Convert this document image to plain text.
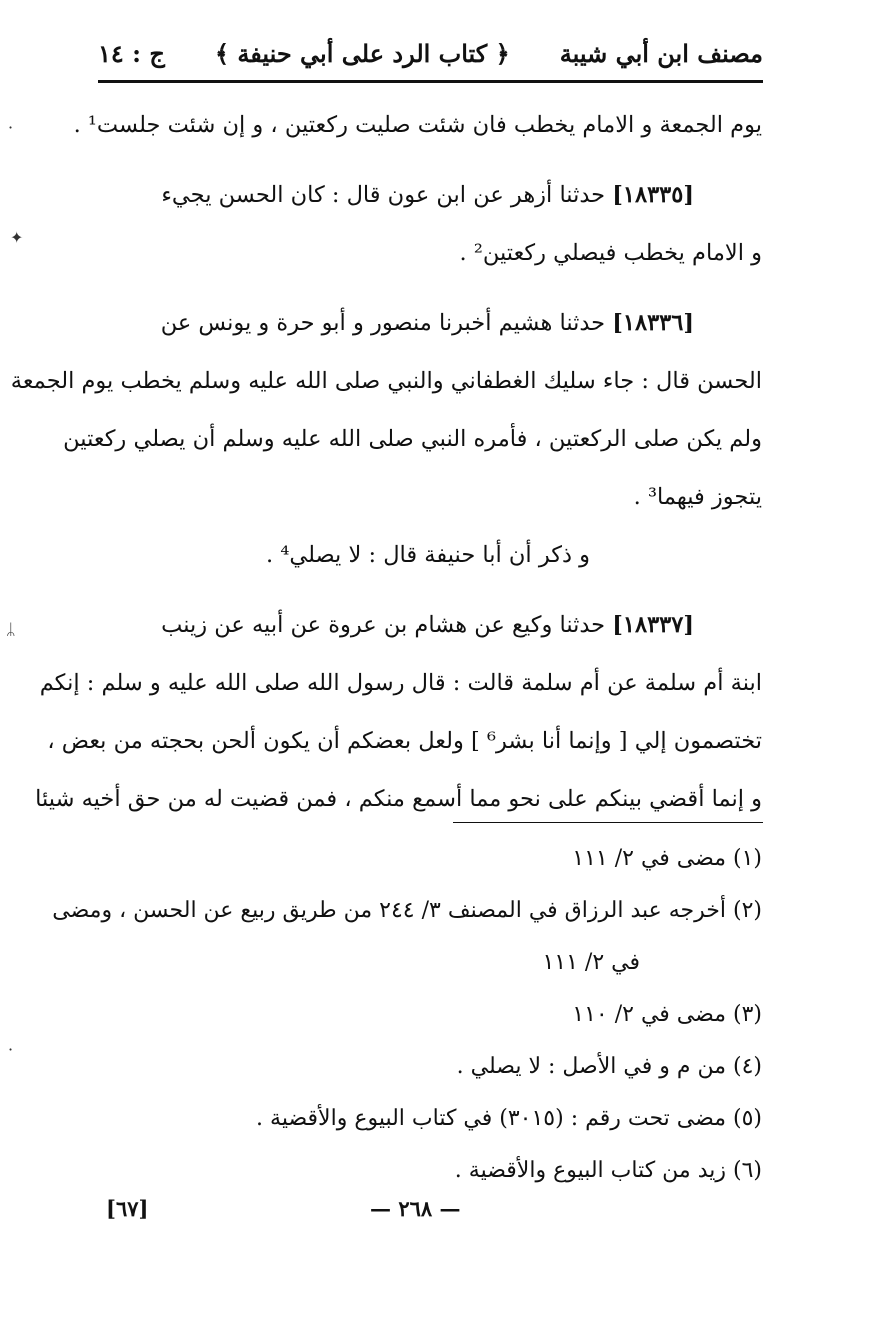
مصنف ابن أبي شيبة
﴿ كتاب الرد على أبي حنيفة ﴾
ج : ١٤
يوم الجمعة و الامام يخطب فان شئت صليت ركعتين ، و إن شئت جلست¹ .
[١٨٣٣٥] حدثنا أزهر عن ابن عون قال : كان الحسن يجيء
و الامام يخطب فيصلي ركعتين² .
[١٨٣٣٦] حدثنا هشيم أخبرنا منصور و أبو حرة و يونس عن
الحسن قال : جاء سليك الغطفاني والنبي صلى الله عليه وسلم يخطب يوم الجمعة
ولم يكن صلى الركعتين ، فأمره النبي صلى الله عليه وسلم أن يصلي ركعتين
يتجوز فيهما³ .
و ذكر أن أبا حنيفة قال : لا يصلي⁴ .
[١٨٣٣٧] حدثنا وكيع عن هشام بن عروة عن أبيه عن زينب
ابنة أم سلمة عن أم سلمة قالت : قال رسول الله صلى الله عليه و سلم : إنكم
تختصمون إلي [ وإنما أنا بشر⁶ ] ولعل بعضكم أن يكون ألحن بحجته من بعض ،
و إنما أقضي بينكم على نحو مما أسمع منكم ، فمن قضيت له من حق أخيه شيئا
(١) مضى في ٢/ ١١١
(٢) أخرجه عبد الرزاق في المصنف ٣/ ٢٤٤ من طريق ربيع عن الحسن ، ومضى
في ٢/ ١١١
(٣) مضى في ٢/ ١١٠
(٤) من م و في الأصل : لا يصلي .
(٥) مضى تحت رقم : (٣٠١٥) في كتاب البيوع والأقضية .
(٦) زيد من كتاب البيوع والأقضية .
[٦٧]	— ٢٦٨ —
·
✦
ᛦ
·
